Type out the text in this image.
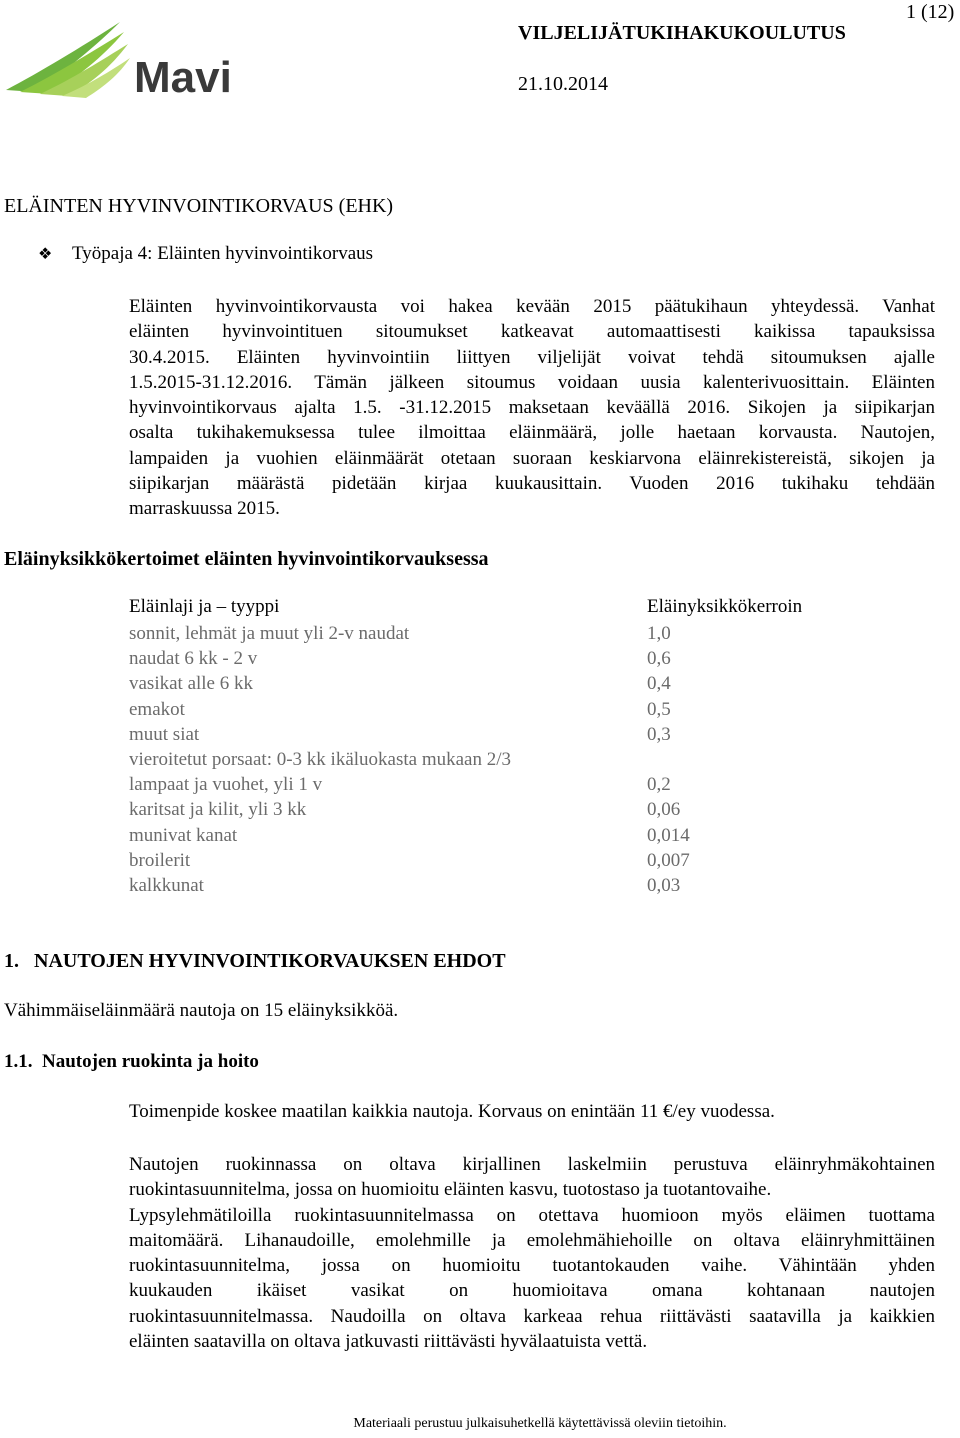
Mavi
1 (12)
VILJELIJÄTUKIHAKUKOULUTUS
21.10.2014
ELÄINTEN HYVINVOINTIKORVAUS (EHK)
❖ Työpaja 4: Eläinten hyvinvointikorvaus
Eläinten hyvinvointikorvausta voi hakea kevään 2015 päätukihaun yhteydessä. Vanhat
eläinten hyvinvointituen sitoumukset katkeavat automaattisesti kaikissa tapauksissa
30.4.2015. Eläinten hyvinvointiin liittyen viljelijät voivat tehdä sitoumuksen ajalle
1.5.2015-31.12.2016. Tämän jälkeen sitoumus voidaan uusia kalenterivuosittain. Eläinten
hyvinvointikorvaus ajalta 1.5. -31.12.2015 maksetaan keväällä 2016. Sikojen ja siipikarjan
osalta tukihakemuksessa tulee ilmoittaa eläinmäärä, jolle haetaan korvausta. Nautojen,
lampaiden ja vuohien eläinmäärät otetaan suoraan keskiarvona eläinrekistereistä, sikojen ja
siipikarjan määrästä pidetään kirjaa kuukausittain. Vuoden 2016 tukihaku tehdään
marraskuussa 2015.
Eläinyksikkökertoimet eläinten hyvinvointikorvauksessa
Eläinlaji ja – tyyppi	Eläinyksikkökerroin
sonnit, lehmät ja muut yli 2-v naudat	1,0
naudat 6 kk - 2 v	0,6
vasikat alle 6 kk	0,4
emakot	0,5
muut siat	0,3
vieroitetut porsaat: 0-3 kk ikäluokasta mukaan 2/3
lampaat ja vuohet, yli 1 v	0,2
karitsat ja kilit, yli 3 kk	0,06
munivat kanat	0,014
broilerit	0,007
kalkkunat	0,03
1. NAUTOJEN HYVINVOINTIKORVAUKSEN EHDOT
Vähimmäiseläinmäärä nautoja on 15 eläinyksikköä.
1.1. Nautojen ruokinta ja hoito
Toimenpide koskee maatilan kaikkia nautoja. Korvaus on enintään 11 €/ey vuodessa.
Nautojen ruokinnassa on oltava kirjallinen laskelmiin perustuva eläinryhmäkohtainen
ruokintasuunnitelma, jossa on huomioitu eläinten kasvu, tuotostaso ja tuotantovaihe.
Lypsylehmätiloilla ruokintasuunnitelmassa on otettava huomioon myös eläimen tuottama
maitomäärä. Lihanaudoille, emolehmille ja emolehmähiehoille on oltava eläinryhmittäinen
ruokintasuunnitelma, jossa on huomioitu tuotantokauden vaihe. Vähintään yhden
kuukauden ikäiset vasikat on huomioitava omana kohtanaan nautojen
ruokintasuunnitelmassa. Naudoilla on oltava karkeaa rehua riittävästi saatavilla ja kaikkien
eläinten saatavilla on oltava jatkuvasti riittävästi hyvälaatuista vettä.
Materiaali perustuu julkaisuhetkellä käytettävissä oleviin tietoihin.
